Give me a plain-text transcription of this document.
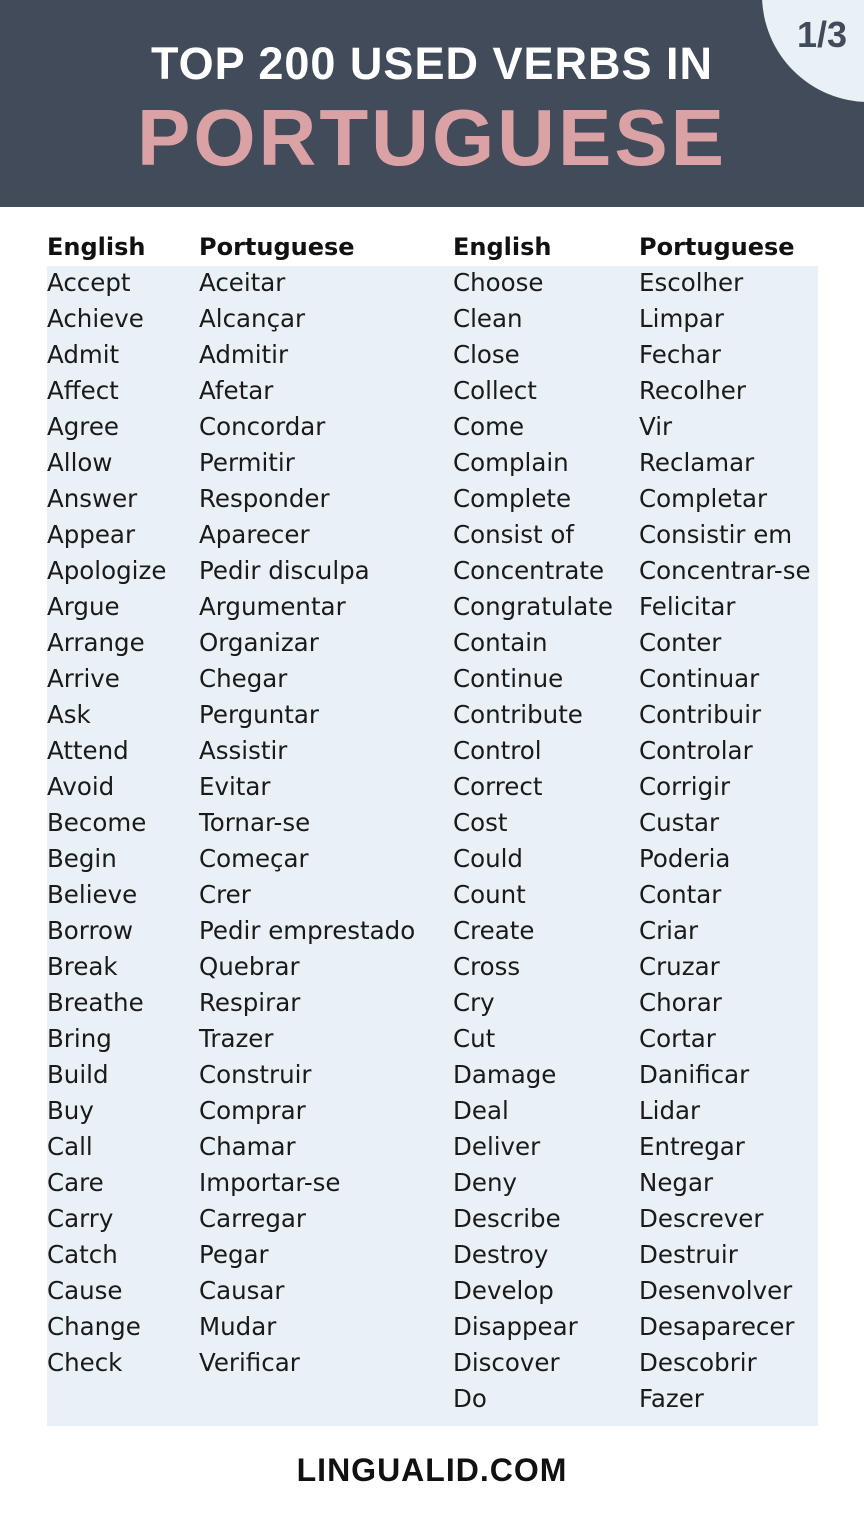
TOP 200 USED VERBS IN
PORTUGUESE
1/3
English
Accept
Achieve
Admit
Affect
Agree
Allow
Answer
Appear
Apologize
Argue
Arrange
Arrive
Ask
Attend
Avoid
Become
Begin
Believe
Borrow
Break
Breathe
Bring
Build
Buy
Call
Care
Carry
Catch
Cause
Change
Check
Portuguese
Aceitar
Alcançar
Admitir
Afetar
Concordar
Permitir
Responder
Aparecer
Pedir disculpa
Argumentar
Organizar
Chegar
Perguntar
Assistir
Evitar
Tornar-se
Começar
Crer
Pedir emprestado
Quebrar
Respirar
Trazer
Construir
Comprar
Chamar
Importar-se
Carregar
Pegar
Causar
Mudar
Verificar
English
Choose
Clean
Close
Collect
Come
Complain
Complete
Consist of
Concentrate
Congratulate
Contain
Continue
Contribute
Control
Correct
Cost
Could
Count
Create
Cross
Cry
Cut
Damage
Deal
Deliver
Deny
Describe
Destroy
Develop
Disappear
Discover
Do
Portuguese
Escolher
Limpar
Fechar
Recolher
Vir
Reclamar
Completar
Consistir em
Concentrar-se
Felicitar
Conter
Continuar
Contribuir
Controlar
Corrigir
Custar
Poderia
Contar
Criar
Cruzar
Chorar
Cortar
Danificar
Lidar
Entregar
Negar
Descrever
Destruir
Desenvolver
Desaparecer
Descobrir
Fazer
LINGUALID.COM
